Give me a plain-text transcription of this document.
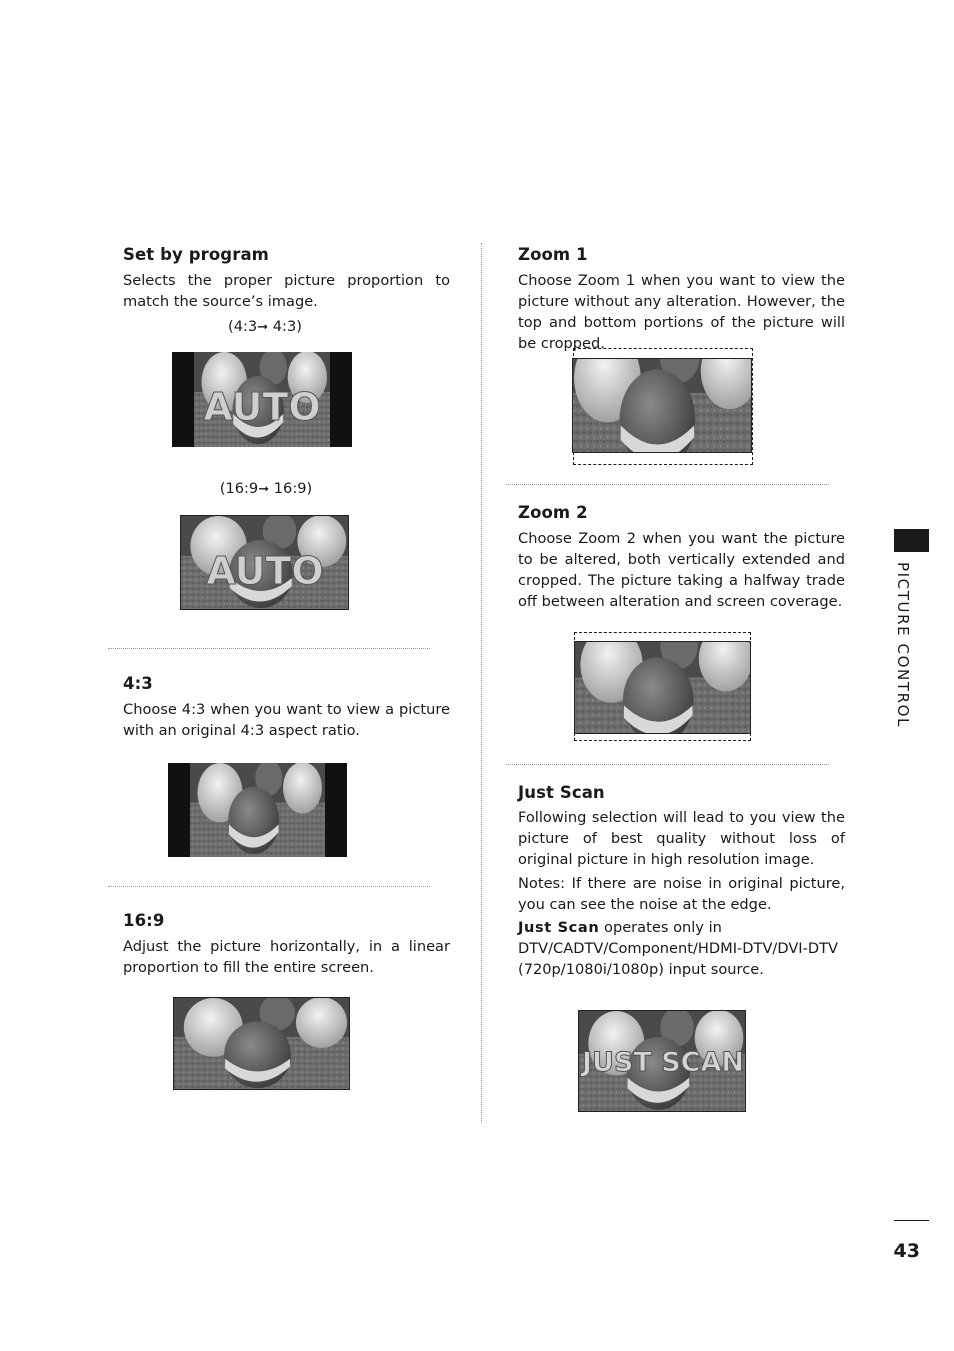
Set by program

Selects the proper picture proportion to match the source’s image.

(4:3➞ 4:3)
AUTO
(16:9➞ 16:9)
AUTO
4:3

Choose 4:3 when you want to view a picture with an original 4:3 aspect ratio.

16:9

Adjust the picture horizontally, in a linear proportion to fill the entire screen.

Zoom 1

Choose Zoom 1 when you want to view the picture without any alteration. However, the top and bottom portions of the picture will be cropped.

Zoom 2

Choose Zoom 2 when you want the picture to be altered, both vertically extended and cropped. The picture taking a halfway trade off between alteration and screen coverage.

Just Scan

Following selection will lead to you view the picture of best quality without loss of original picture in high resolution image.

Notes: If there are noise in original picture, you can see the noise at the edge.

Just Scan operates only in DTV/CADTV/Component/HDMI-DTV/DVI-DTV (720p/1080i/1080p) input source.

JUST SCAN
PICTURE CONTROL
43
